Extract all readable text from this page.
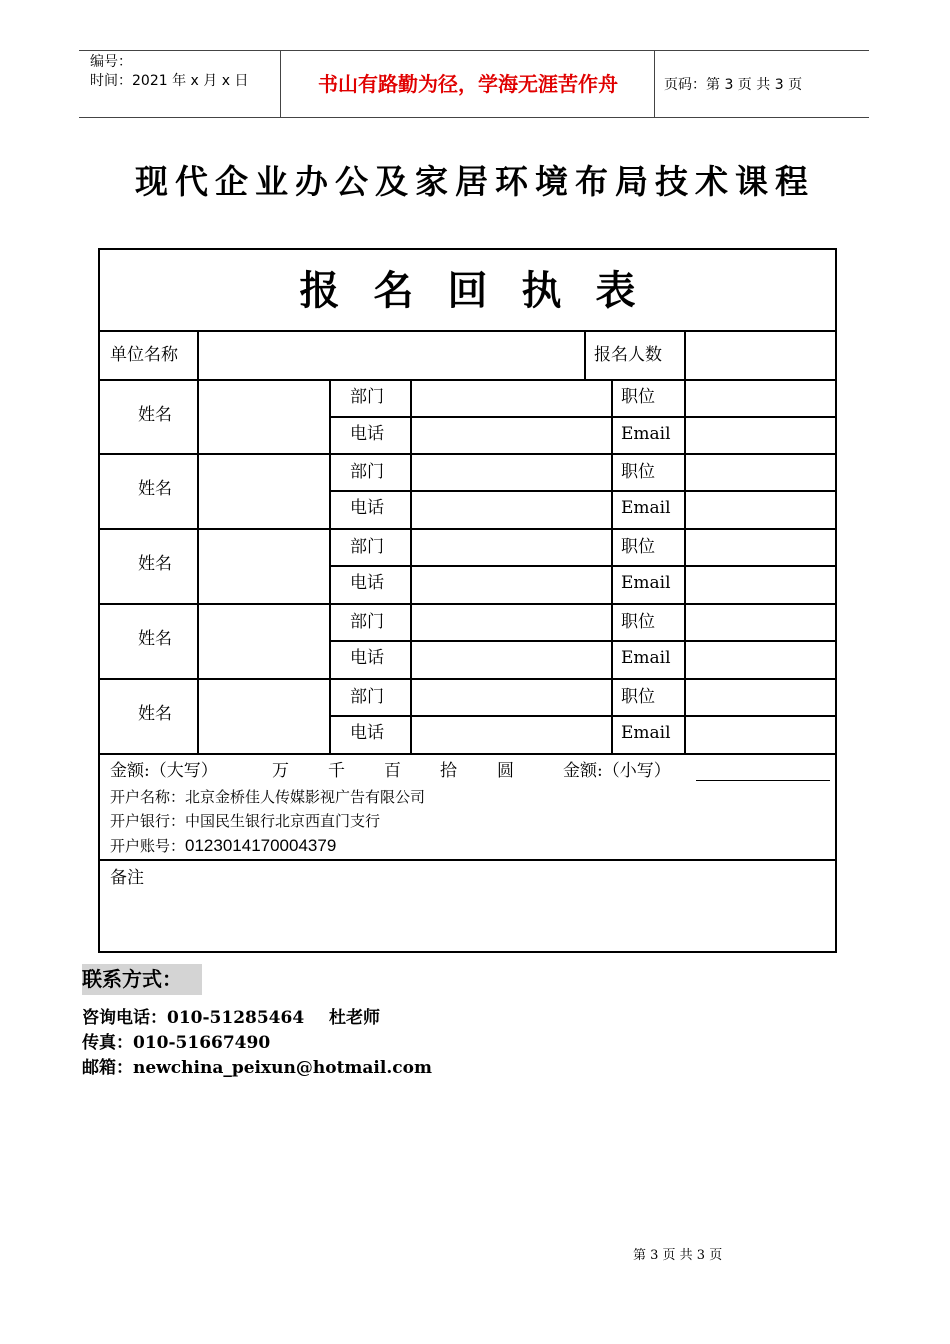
编号：
时间：2021 年 x 月 x 日	书山有路勤为径，学海无涯苦作舟	页码：第 3 页 共 3 页
现代企业办公及家居环境布局技术课程
报名回执表
单位名称	报名人数
姓名
部门	职位
电话	Email
姓名
部门	职位
电话	Email
姓名
部门	职位
电话	Email
姓名
部门	职位
电话	Email
姓名
部门	职位
电话	Email
金额:（大写）	万 千 百 拾 圆	金额:（小写）
开户名称：北京金桥佳人传媒影视广告有限公司
开户银行：中国民生银行北京西直门支行
开户账号：0123014170004379
备注
联系方式：
咨询电话：010-51285464 杜老师
传真：010-51667490
邮箱：newchina_peixun@hotmail.com
第 3 页 共 3 页
